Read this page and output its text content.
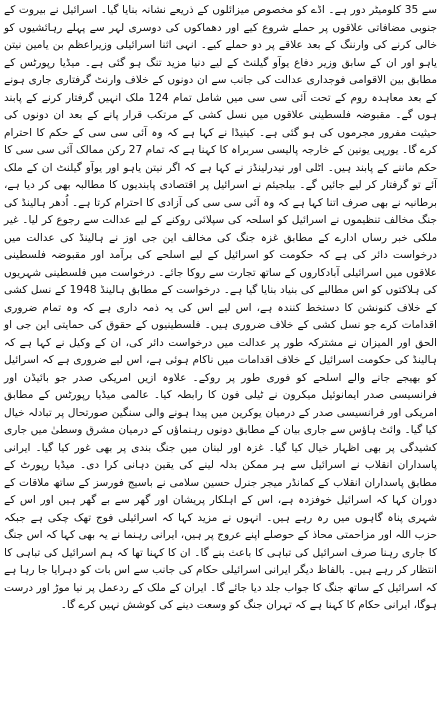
سے 35 کلومیٹر دور ہے۔ اڈے کو مخصوص میزائلوں کے ذریعے نشانہ بنایا گیا۔ اسرائیل نے بیروت کے جنوبی مضافاتی علاقوں پر حملے شروع کیے اور دھماکوں کی دوسری لہر سے پہلے رہائشیوں کو خالی کرنے کی وارننگ کے بعد علاقے پر دو حملے کیے۔ انہی اثنا اسرائیلی وزیراعظم بن یامین نیتن یاہو اور ان کے سابق وزیر دفاع یوآو گیلنٹ کے لیے دنیا مزید تنگ ہو گئی ہے۔ میڈیا رپورٹس کے مطابق بین الاقوامی فوجداری عدالت کی جانب سے ان دونوں کے خلاف وارنٹ گرفتاری جاری ہونے کے بعد معاہدہ روم کے تحت آئی سی سی میں شامل تمام 124 ملک انہیں گرفتار کرنے کے پابند ہوں گے۔ مقبوضہ فلسطینی علاقوں میں نسل کشی کے مرتکب قرار پانے کے بعد ان دونوں کی حیثیت مفرور مجرموں کی ہو گئی ہے۔ کینیڈا نے کہا ہے کہ وہ آئی سی سی کے حکم کا احترام کرے گا۔ یورپی یونین کے خارجہ پالیسی سربراہ کا کہنا ہے کہ تمام 27 رکن ممالک آئی سی سی کا حکم ماننے کے پابند ہیں۔ اٹلی اور نیدرلینڈز نے کہا ہے کہ اگر نیتن یاہو اور یوآو گیلنٹ ان کے ملک آئے تو گرفتار کر لیے جائیں گے۔ بیلجیئم نے اسرائیل پر اقتصادی پابندیوں کا مطالبہ بھی کر دیا ہے، برطانیہ نے بھی صرف اتنا کہا ہے کہ وہ آئی سی سی کی آزادی کا احترام کرتا ہے۔ اُدھر ہالینڈ کی جنگ مخالف تنظیموں نے اسرائیل کو اسلحہ کی سپلائی روکنے کے لیے عدالت سے رجوع کر لیا۔ غیر ملکی خبر رساں ادارے کے مطابق غزہ جنگ کی مخالف این جی اوز نے ہالینڈ کی عدالت میں درخواست دائر کی ہے کہ حکومت کو اسرائیل کے لیے اسلحے کی برآمد اور مقبوضہ فلسطینی علاقوں میں اسرائیلی آبادکاروں کے ساتھ تجارت سے روکا جائے۔ درخواست میں فلسطینی شہریوں کی ہلاکتوں کو اس مطالبے کی بنیاد بنایا گیا ہے۔ درخواست کے مطابق ہالینڈ 1948 کے نسل کشی کے خلاف کنونشن کا دستخط کنندہ ہے، اس لیے اس کی یہ ذمہ داری ہے کہ وہ تمام ضروری اقدامات کرے جو نسل کشی کے خلاف ضروری ہیں۔ فلسطینیوں کے حقوق کی حمایتی این جی او الحق اور المیزان نے مشترکہ طور پر عدالت میں درخواست دائر کی، ان کے وکیل نے کہا ہے کہ ہالینڈ کی حکومت اسرائیل کے خلاف اقدامات میں ناکام ہوئی ہے، اس لیے ضروری ہے کہ اسرائیل کو بھیجے جانے والے اسلحے کو فوری طور پر روکے۔ علاوہ ازیں امریکی صدر جو بائیڈن اور فرانسیسی صدر ایمانوئیل میکرون نے ٹیلی فون کا رابطہ کیا۔ عالمی میڈیا رپورٹس کے مطابق امریکی اور فرانسیسی صدر کے درمیان یوکرین میں پیدا ہونے والی سنگین صورتحال پر تبادلہ خیال کیا گیا۔ وائٹ ہاؤس سے جاری بیان کے مطابق دونوں رہنماؤں کے درمیان مشرق وسطیٰ میں جاری کشیدگی پر بھی اظہار خیال کیا گیا۔ غزہ اور لبنان میں جنگ بندی پر بھی غور کیا گیا۔ ایرانی پاسداران انقلاب نے اسرائیل سے ہر ممکن بدلہ لینے کی یقین دہانی کرا دی۔ میڈیا رپورٹ کے مطابق پاسداران انقلاب کے کمانڈر میجر جنرل حسین سلامی نے باسیج فورسز کے ساتھ ملاقات کے دوران کہا کہ اسرائیل خوفزدہ ہے، اس کے اہلکار پریشان اور گھر سے بے گھر ہیں اور اس کے شہری پناہ گاہوں میں رہ رہے ہیں۔ انہوں نے مزید کہا کہ اسرائیلی فوج تھک چکی ہے جبکہ حزب اللہ اور مزاحمتی محاذ کے حوصلے اپنے عروج پر ہیں، ایرانی رہنما نے یہ بھی کہا کہ اس جنگ کا جاری رہنا صرف اسرائیل کی تباہی کا باعث بنے گا۔ ان کا کہنا تھا کہ ہم اسرائیل کی تباہی کا انتظار کر رہے ہیں۔ بالفاظ دیگر ایرانی اسرائیلی حکام کی جانب سے اس بات کو دہرایا جا رہا ہے کہ اسرائیل کے ساتھ جنگ کا جواب جلد دیا جائے گا۔ ایران کے ملک کے ردعمل پر نیا موڑ اور درست ہوگا، ایرانی حکام کا کہنا ہے کہ تہران جنگ کو وسعت دینے کی کوشش نہیں کرے گا۔
